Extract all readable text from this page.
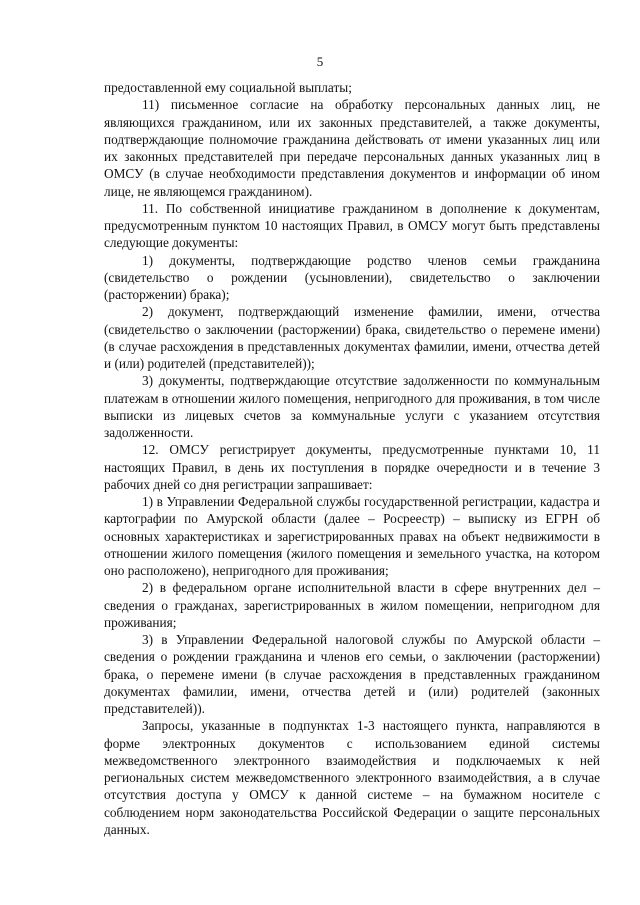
5

предоставленной ему социальной выплаты;

11) письменное согласие на обработку персональных данных лиц, не являющихся гражданином, или их законных представителей, а также документы, подтверждающие полномочие гражданина действовать от имени указанных лиц или их законных представителей при передаче персональных данных указанных лиц в ОМСУ (в случае необходимости представления документов и информации об ином лице, не являющемся гражданином).

11. По собственной инициативе гражданином в дополнение к документам, предусмотренным пунктом 10 настоящих Правил, в ОМСУ могут быть представлены следующие документы:

1) документы, подтверждающие родство членов семьи гражданина (свидетельство о рождении (усыновлении), свидетельство о заключении (расторжении) брака);

2) документ, подтверждающий изменение фамилии, имени, отчества (свидетельство о заключении (расторжении) брака, свидетельство о перемене имени) (в случае расхождения в представленных документах фамилии, имени, отчества детей и (или) родителей (представителей));

3) документы, подтверждающие отсутствие задолженности по коммунальным платежам в отношении жилого помещения, непригодного для проживания, в том числе выписки из лицевых счетов за коммунальные услуги с указанием отсутствия задолженности.

12. ОМСУ регистрирует документы, предусмотренные пунктами 10, 11 настоящих Правил, в день их поступления в порядке очередности и в течение 3 рабочих дней со дня регистрации запрашивает:

1) в Управлении Федеральной службы государственной регистрации, кадастра и картографии по Амурской области (далее – Росреестр) – выписку из ЕГРН об основных характеристиках и зарегистрированных правах на объект недвижимости в отношении жилого помещения (жилого помещения и земельного участка, на котором оно расположено), непригодного для проживания;

2) в федеральном органе исполнительной власти в сфере внутренних дел – сведения о гражданах, зарегистрированных в жилом помещении, непригодном для проживания;

3) в Управлении Федеральной налоговой службы по Амурской области – сведения о рождении гражданина и членов его семьи, о заключении (расторжении) брака, о перемене имени (в случае расхождения в представленных гражданином документах фамилии, имени, отчества детей и (или) родителей (законных представителей)).

Запросы, указанные в подпунктах 1-3 настоящего пункта, направляются в форме электронных документов с использованием единой системы межведомственного электронного взаимодействия и подключаемых к ней региональных систем межведомственного электронного взаимодействия, а в случае отсутствия доступа у ОМСУ к данной системе – на бумажном носителе с соблюдением норм законодательства Российской Федерации о защите персональных данных.
